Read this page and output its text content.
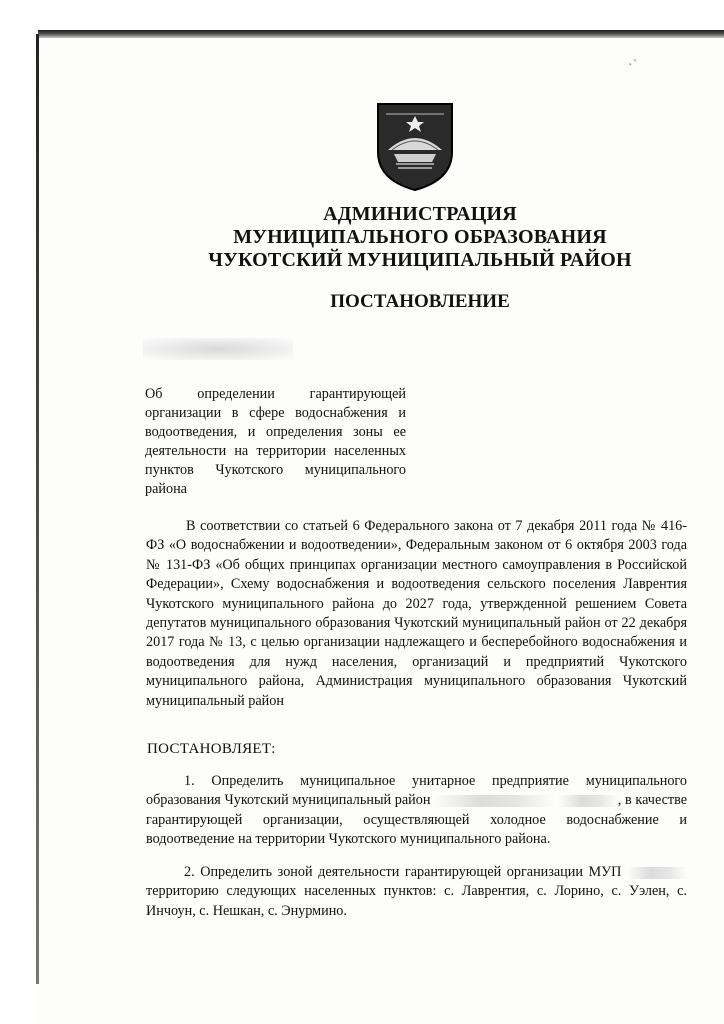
·ˋ
АДМИНИСТРАЦИЯ
МУНИЦИПАЛЬНОГО ОБРАЗОВАНИЯ
ЧУКОТСКИЙ МУНИЦИПАЛЬНЫЙ РАЙОН
ПОСТАНОВЛЕНИЕ
Об определении гарантирующей организации в сфере водоснабжения и водоотведения, и определения зоны ее деятельности на территории населенных пунктов Чукотского муниципального района
В соответствии со статьей 6 Федерального закона от 7 декабря 2011 года № 416-ФЗ «О водоснабжении и водоотведении», Федеральным законом от 6 октября 2003 года № 131-ФЗ «Об общих принципах организации местного самоуправления в Российской Федерации», Схему водоснабжения и водоотведения сельского поселения Лаврентия Чукотского муниципального района до 2027 года, утвержденной решением Совета депутатов муниципального образования Чукотский муниципальный район от 22 декабря 2017 года № 13, с целью организации надлежащего и бесперебойного водоснабжения и водоотведения для нужд населения, организаций и предприятий Чукотского муниципального района, Администрация муниципального образования Чукотский муниципальный район
ПОСТАНОВЛЯЕТ:
1. Определить муниципальное унитарное предприятие муниципального образования Чукотский муниципальный район	, в качестве гарантирующей организации, осуществляющей холодное водоснабжение и водоотведение на территории Чукотского муниципального района.
2. Определить зоной деятельности гарантирующей организации МУП  территорию следующих населенных пунктов: с. Лаврентия, с. Лорино, с. Уэлен, с. Инчоун, с. Нешкан, с. Энурмино.
